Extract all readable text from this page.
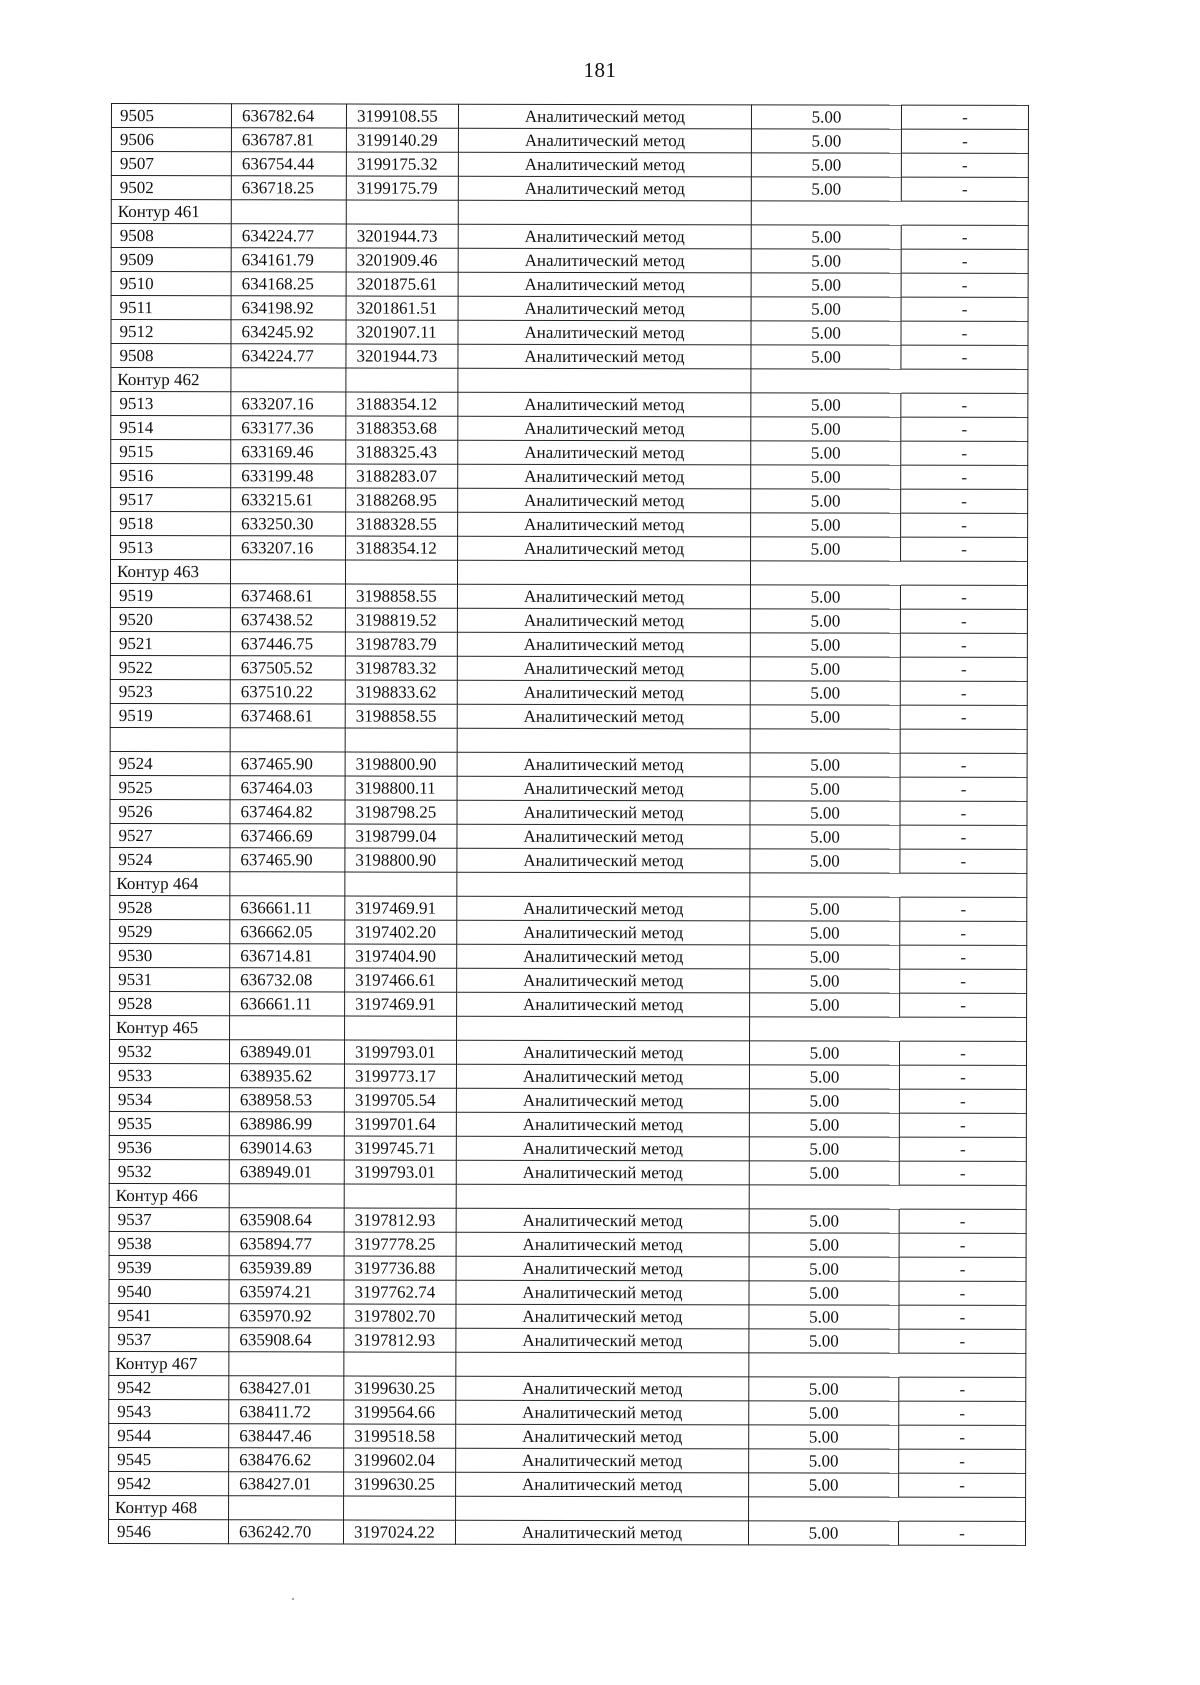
181
9505	636782.64	3199108.55	Аналитический метод	5.00	-
9506	636787.81	3199140.29	Аналитический метод	5.00	-
9507	636754.44	3199175.32	Аналитический метод	5.00	-
9502	636718.25	3199175.79	Аналитический метод	5.00	-
Контур 461					
9508	634224.77	3201944.73	Аналитический метод	5.00	-
9509	634161.79	3201909.46	Аналитический метод	5.00	-
9510	634168.25	3201875.61	Аналитический метод	5.00	-
9511	634198.92	3201861.51	Аналитический метод	5.00	-
9512	634245.92	3201907.11	Аналитический метод	5.00	-
9508	634224.77	3201944.73	Аналитический метод	5.00	-
Контур 462					
9513	633207.16	3188354.12	Аналитический метод	5.00	-
9514	633177.36	3188353.68	Аналитический метод	5.00	-
9515	633169.46	3188325.43	Аналитический метод	5.00	-
9516	633199.48	3188283.07	Аналитический метод	5.00	-
9517	633215.61	3188268.95	Аналитический метод	5.00	-
9518	633250.30	3188328.55	Аналитический метод	5.00	-
9513	633207.16	3188354.12	Аналитический метод	5.00	-
Контур 463					
9519	637468.61	3198858.55	Аналитический метод	5.00	-
9520	637438.52	3198819.52	Аналитический метод	5.00	-
9521	637446.75	3198783.79	Аналитический метод	5.00	-
9522	637505.52	3198783.32	Аналитический метод	5.00	-
9523	637510.22	3198833.62	Аналитический метод	5.00	-
9519	637468.61	3198858.55	Аналитический метод	5.00	-

9524	637465.90	3198800.90	Аналитический метод	5.00	-
9525	637464.03	3198800.11	Аналитический метод	5.00	-
9526	637464.82	3198798.25	Аналитический метод	5.00	-
9527	637466.69	3198799.04	Аналитический метод	5.00	-
9524	637465.90	3198800.90	Аналитический метод	5.00	-
Контур 464					
9528	636661.11	3197469.91	Аналитический метод	5.00	-
9529	636662.05	3197402.20	Аналитический метод	5.00	-
9530	636714.81	3197404.90	Аналитический метод	5.00	-
9531	636732.08	3197466.61	Аналитический метод	5.00	-
9528	636661.11	3197469.91	Аналитический метод	5.00	-
Контур 465					
9532	638949.01	3199793.01	Аналитический метод	5.00	-
9533	638935.62	3199773.17	Аналитический метод	5.00	-
9534	638958.53	3199705.54	Аналитический метод	5.00	-
9535	638986.99	3199701.64	Аналитический метод	5.00	-
9536	639014.63	3199745.71	Аналитический метод	5.00	-
9532	638949.01	3199793.01	Аналитический метод	5.00	-
Контур 466					
9537	635908.64	3197812.93	Аналитический метод	5.00	-
9538	635894.77	3197778.25	Аналитический метод	5.00	-
9539	635939.89	3197736.88	Аналитический метод	5.00	-
9540	635974.21	3197762.74	Аналитический метод	5.00	-
9541	635970.92	3197802.70	Аналитический метод	5.00	-
9537	635908.64	3197812.93	Аналитический метод	5.00	-
Контур 467					
9542	638427.01	3199630.25	Аналитический метод	5.00	-
9543	638411.72	3199564.66	Аналитический метод	5.00	-
9544	638447.46	3199518.58	Аналитический метод	5.00	-
9545	638476.62	3199602.04	Аналитический метод	5.00	-
9542	638427.01	3199630.25	Аналитический метод	5.00	-
Контур 468					
9546	636242.70	3197024.22	Аналитический метод	5.00	-
